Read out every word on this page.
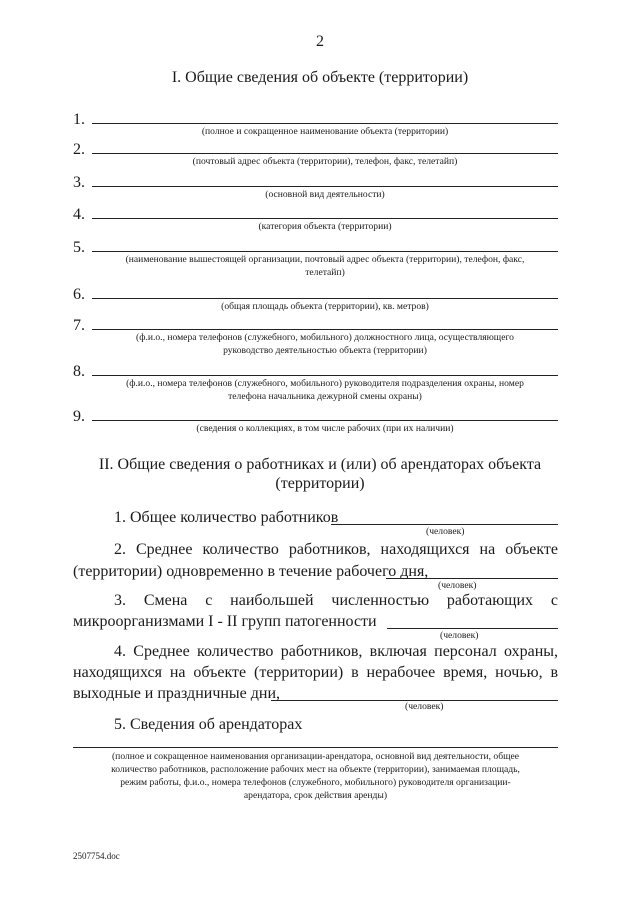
2
I. Общие сведения об объекте (территории)
1.
(полное и сокращенное наименование объекта (территории)
2.
(почтовый адрес объекта (территории), телефон, факс, телетайп)
3.
(основной вид деятельности)
4.
(категория объекта (территории)
5.
(наименование вышестоящей организации, почтовый адрес объекта (территории), телефон, факс,
телетайп)
6.
(общая площадь объекта (территории), кв. метров)
7.
(ф.и.о., номера телефонов (служебного, мобильного) должностного лица, осуществляющего
руководство деятельностью объекта (территории)
8.
(ф.и.о., номера телефонов (служебного, мобильного) руководителя подразделения охраны, номер
телефона начальника дежурной смены охраны)
9.
(сведения о коллекциях, в том числе рабочих (при их наличии)
II. Общие сведения о работниках и (или) об арендаторах объекта
(территории)
1. Общее количество работников
(человек)
2. Среднее количество работников, находящихся на объекте
(территории) одновременно в течение рабочего дня,
(человек)
3. Смена с наибольшей численностью работающих с
микроорганизмами I - II групп патогенности
(человек)
4. Среднее количество работников, включая персонал охраны,
находящихся на объекте (территории) в нерабочее время, ночью, в
выходные и праздничные дни,
(человек)
5. Сведения об арендаторах
(полное и сокращенное наименования организации-арендатора, основной вид деятельности, общее
количество работников, расположение рабочих мест на объекте (территории), занимаемая площадь,
режим работы, ф.и.о., номера телефонов (служебного, мобильного) руководителя организации-
арендатора, срок действия аренды)
2507754.doc
